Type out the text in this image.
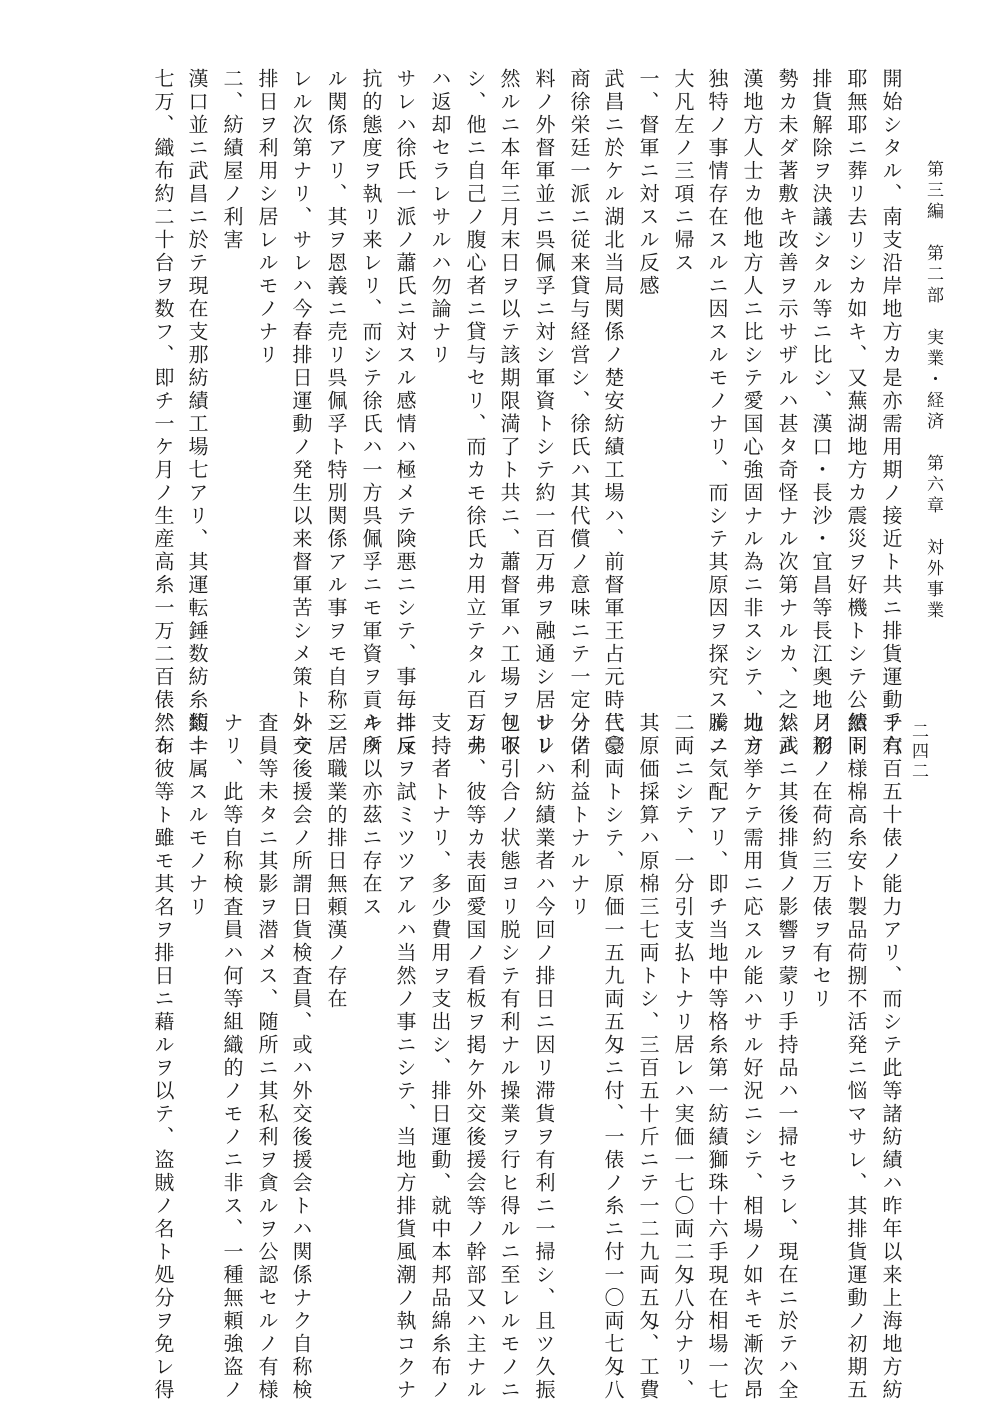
第三編　第二部　実業・経済　第六章　対外事業
二四二
開始シタル、南支沿岸地方カ是亦需用期ノ接近ト共ニ排貨運動ヲ有
耶無耶ニ葬リ去リシカ如キ、又蕪湖地方カ震災ヲ好機トシテ公然ト
排貨解除ヲ決議シタル等ニ比シ、漢口・長沙・宜昌等長江奥地ノ形
勢カ未ダ著敷キ改善ヲ示サザルハ甚タ奇怪ナル次第ナルカ、之レ武
漢地方人士カ他地方人ニ比シテ愛国心強固ナル為ニ非スシテ、地方
独特ノ事情存在スルニ因スルモノナリ、而シテ其原因ヲ探究スルニ
大凡左ノ三項ニ帰ス
一、督軍ニ対スル反感
武昌ニ於ケル湖北当局関係ノ楚安紡績工場ハ、前督軍王占元時代豪
商徐栄廷一派ニ従来貸与経営シ、徐氏ハ其代償ノ意味ニテ一定ノ借
料ノ外督軍並ニ呉佩孚ニ対シ軍資トシテ約一百万弗ヲ融通シ居レリ
然ルニ本年三月末日ヲ以テ該期限満了ト共ニ、蕭督軍ハ工場ヲ包収
シ、他ニ自己ノ腹心者ニ貸与セリ、而カモ徐氏カ用立テタル百万弗
ハ返却セラレサルハ勿論ナリ
サレハ徐氏一派ノ蕭氏ニ対スル感情ハ極メテ険悪ニシテ、事毎ニ反
抗的態度ヲ執リ来レリ、而シテ徐氏ハ一方呉佩孚ニモ軍資ヲ貢キタ
ル関係アリ、其ヲ恩義ニ売リ呉佩孚ト特別関係アル事ヲモ自称シ居
レル次第ナリ、サレハ今春排日運動ノ発生以来督軍苦シメ策トシテ
排日ヲ利用シ居レルモノナリ
二、紡績屋ノ利害
漢口並ニ武昌ニ於テ現在支那紡績工場七アリ、其運転錘数紡糸約十
七万、織布約二十台ヲ数フ、即チ一ケ月ノ生産高糸一万二百俵、布
千六百五十俵ノ能力アリ、而シテ此等諸紡績ハ昨年以来上海地方紡
績同様棉高糸安ト製品荷捌不活発ニ悩マサレ、其排貨運動ノ初期五
月初ノ在荷約三万俵ヲ有セリ
然ルニ其後排貨ノ影響ヲ蒙リ手持品ハ一掃セラレ、現在ニ於テハ全
力ヲ挙ケテ需用ニ応スル能ハサル好況ニシテ、相場ノ如キモ漸次昂
騰ノ気配アリ、即チ当地中等格糸第一紡績獅珠十六手現在相場一七
二両ニシテ、一分引支払トナリ居レハ実価一七〇両二匁八分ナリ、
其原価採算ハ原棉三七両トシ、三百五十斤ニテ一二九両五匁、工費
三〇両トシテ、原価一五九両五匁ニ付、一俵ノ糸ニ付一〇両七匁八
分ノ利益トナルナリ
サレハ紡績業者ハ今回ノ排日ニ因リ滞貨ヲ有利ニ一掃シ、且ツ久振
リ不引合ノ状態ヨリ脱シテ有利ナル操業ヲ行ヒ得ルニ至レルモノニ
シテ、彼等カ表面愛国ノ看板ヲ掲ケ外交後援会等ノ幹部又ハ主ナル
支持者トナリ、多少費用ヲ支出シ、排日運動、就中本邦品綿糸布ノ
排斥ヲ試ミツツアルハ当然ノ事ニシテ、当地方排貨風潮ノ執コクナ
ル所以亦茲ニ存在ス
三、職業的排日無頼漢ノ存在
外交後援会ノ所謂日貨検査員、或ハ外交後援会トハ関係ナク自称検
査員等未タニ其影ヲ潜メス、随所ニ其私利ヲ貪ルヲ公認セルノ有様
ナリ、此等自称検査員ハ何等組織的ノモノニ非ス、一種無頼強盗ノ
類ニ属スルモノナリ
然シ彼等ト雖モ其名ヲ排日ニ藉ルヲ以テ、盗賊ノ名ト処分ヲ免レ得
